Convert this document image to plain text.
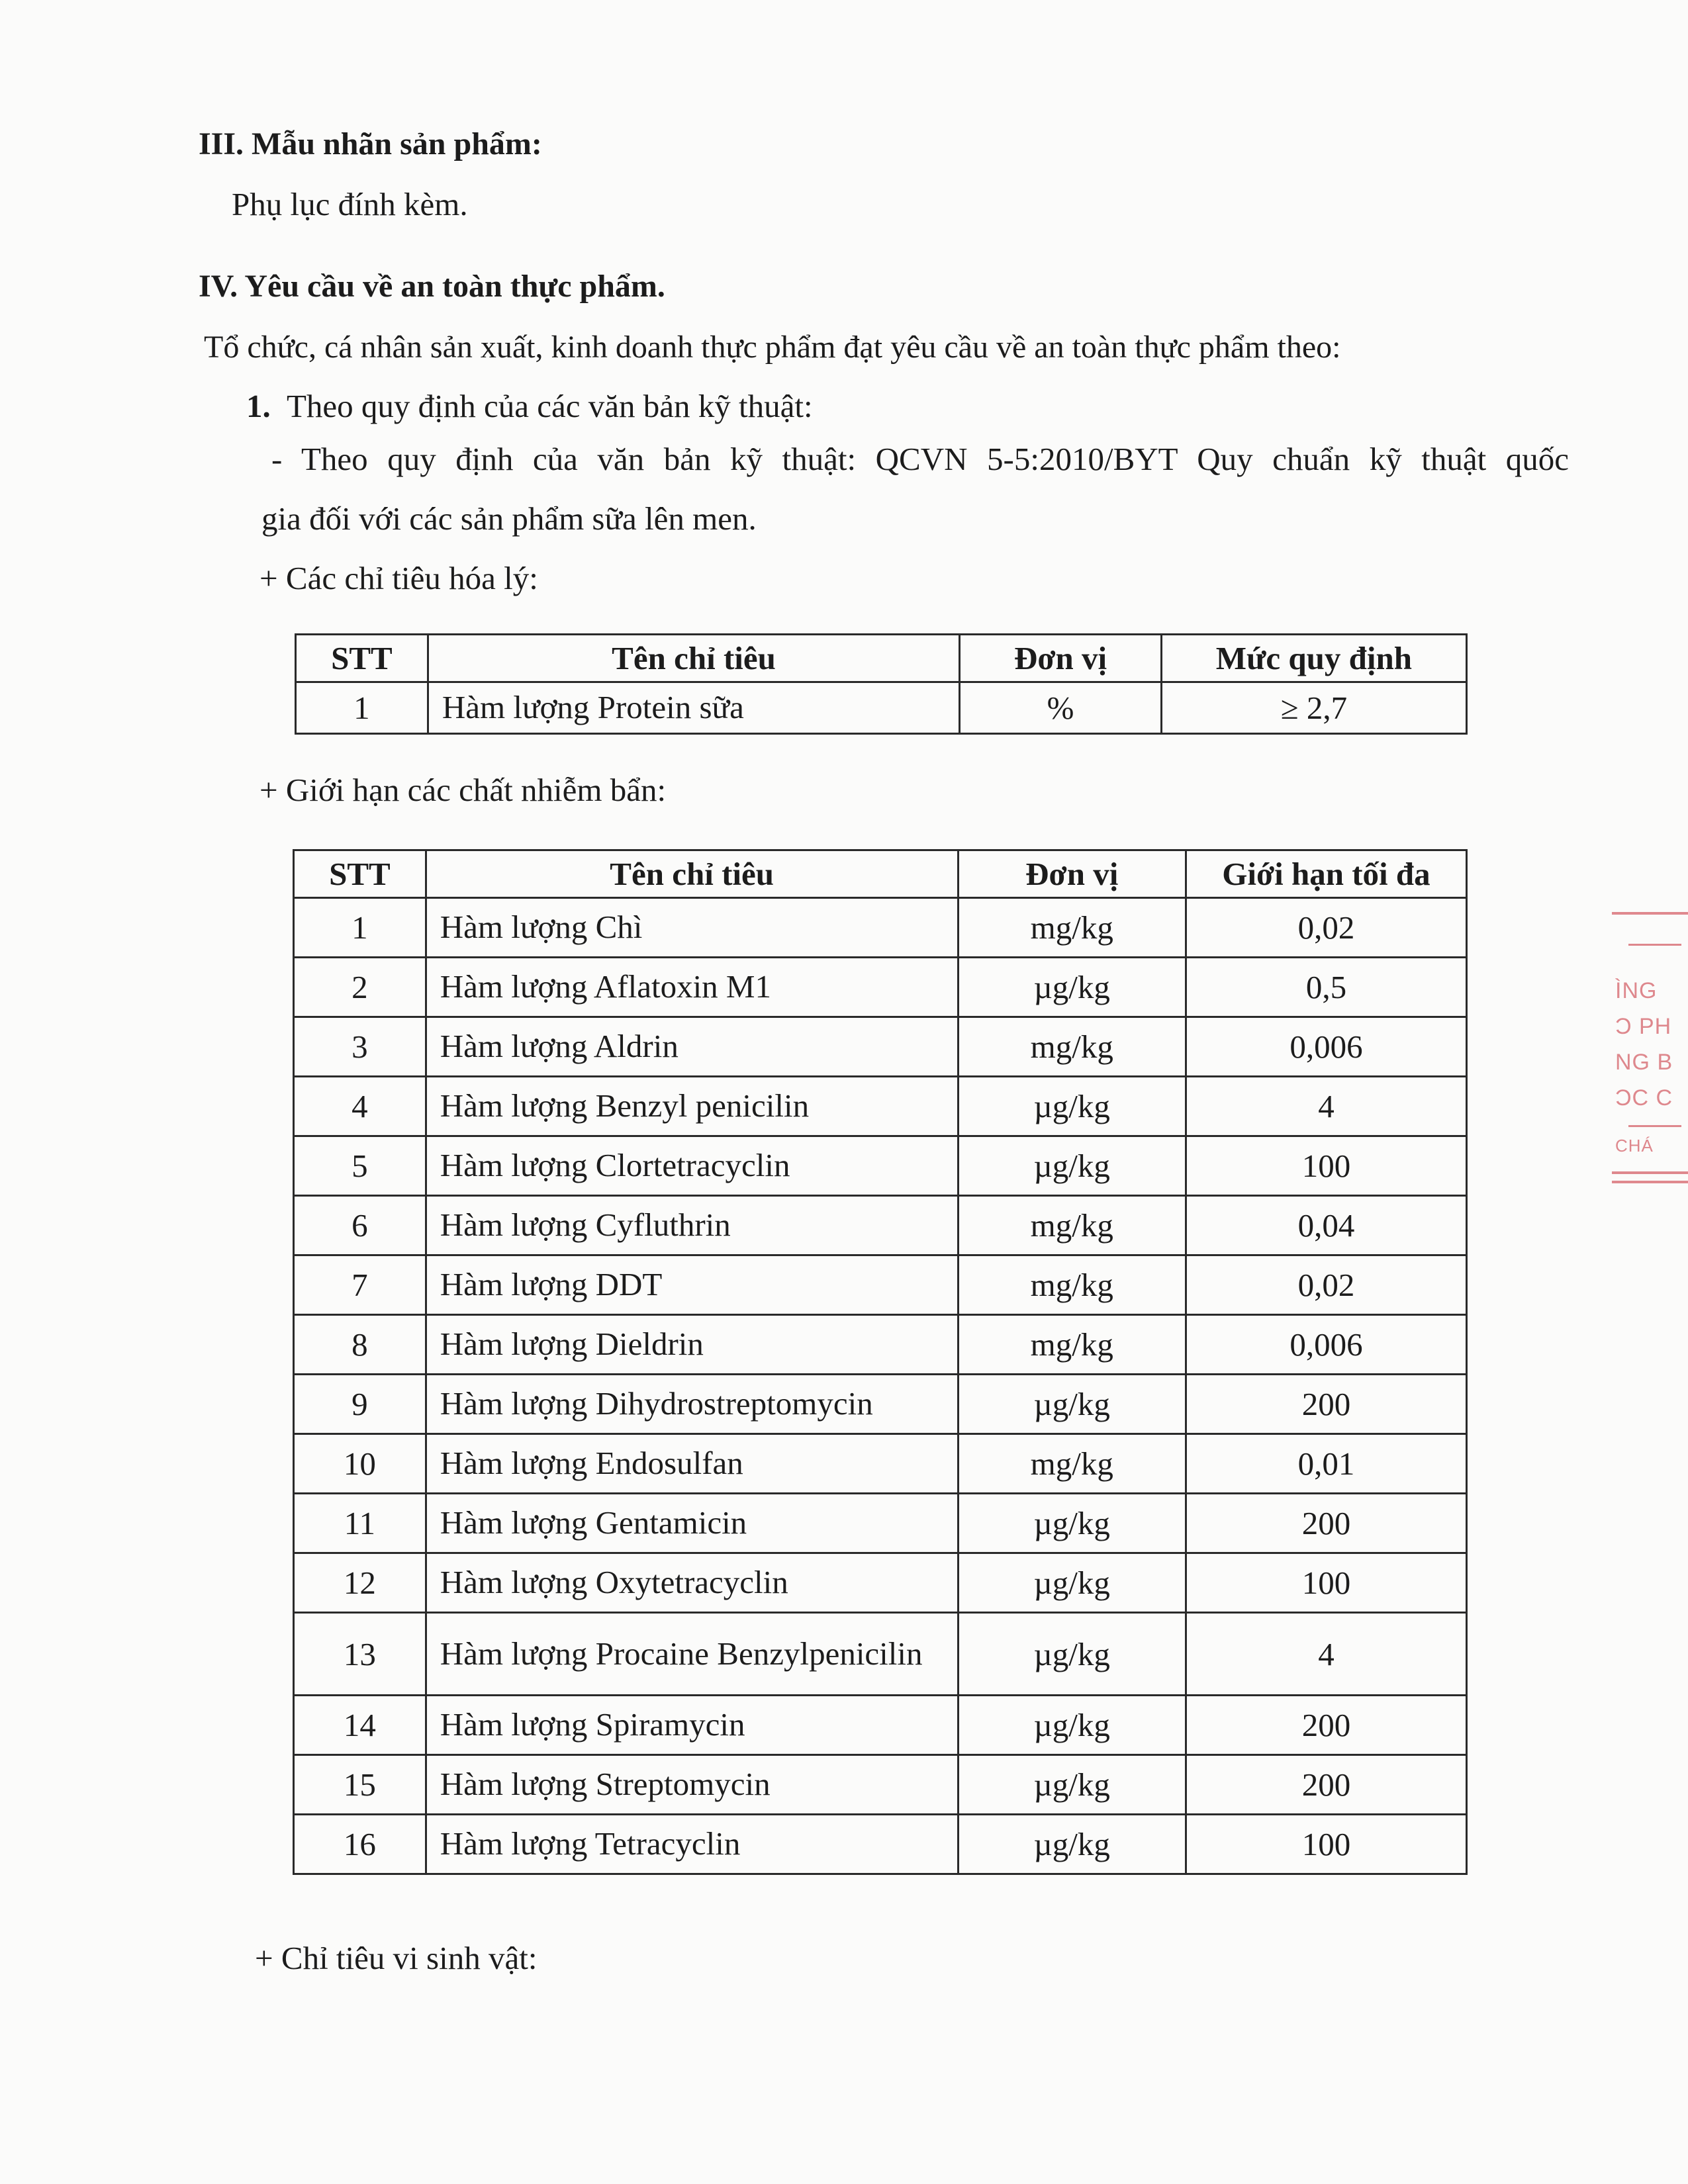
III. Mẫu nhãn sản phẩm:
Phụ lục đính kèm.
IV. Yêu cầu về an toàn thực phẩm.
Tổ chức, cá nhân sản xuất, kinh doanh thực phẩm đạt yêu cầu về an toàn thực phẩm theo:
1. Theo quy định của các văn bản kỹ thuật:
- Theo quy định của văn bản kỹ thuật: QCVN 5-5:2010/BYT Quy chuẩn kỹ thuật quốc
gia đối với các sản phẩm sữa lên men.
+ Các chỉ tiêu hóa lý:
STT	Tên chỉ tiêu	Đơn vị	Mức quy định
1	Hàm lượng Protein sữa	%	≥ 2,7
+ Giới hạn các chất nhiễm bẩn:
STT	Tên chỉ tiêu	Đơn vị	Giới hạn tối đa
1	Hàm lượng Chì	mg/kg	0,02
2	Hàm lượng Aflatoxin M1	µg/kg	0,5
3	Hàm lượng Aldrin	mg/kg	0,006
4	Hàm lượng Benzyl penicilin	µg/kg	4
5	Hàm lượng Clortetracyclin	µg/kg	100
6	Hàm lượng Cyfluthrin	mg/kg	0,04
7	Hàm lượng DDT	mg/kg	0,02
8	Hàm lượng Dieldrin	mg/kg	0,006
9	Hàm lượng Dihydrostreptomycin	µg/kg	200
10	Hàm lượng Endosulfan	mg/kg	0,01
11	Hàm lượng Gentamicin	µg/kg	200
12	Hàm lượng Oxytetracyclin	µg/kg	100
13	Hàm lượng Procaine Benzylpenicilin	µg/kg	4
14	Hàm lượng Spiramycin	µg/kg	200
15	Hàm lượng Streptomycin	µg/kg	200
16	Hàm lượng Tetracyclin	µg/kg	100
+ Chỉ tiêu vi sinh vật:
ÌNG
Ɔ PH
NG B
ƆC C
CHÁ
